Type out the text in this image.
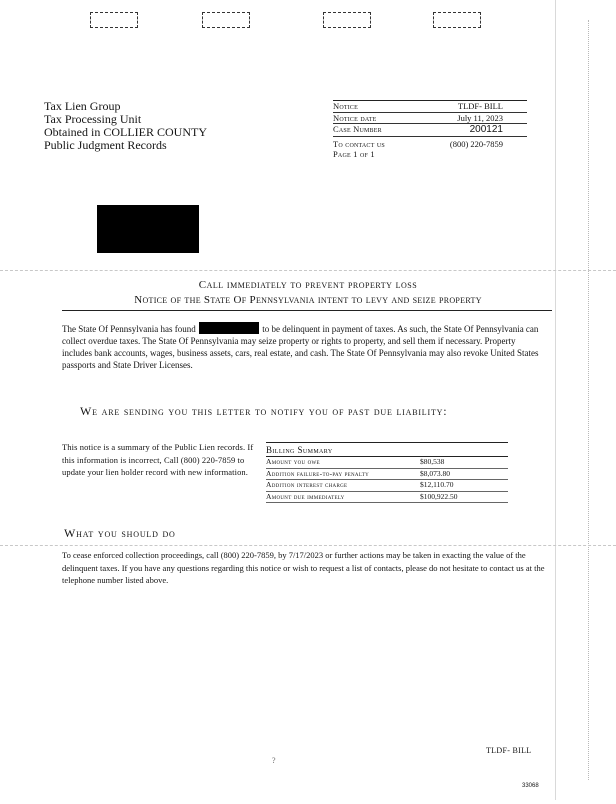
Tax Lien Group
Tax Processing Unit
Obtained in COLLIER COUNTY
Public Judgment Records
Notice	TLDF- BILL
Notice date	July 11, 2023
Case Number	200121
To contact us	(800) 220-7859
Page 1 of 1
Call immediately to prevent property loss
Notice of the State Of Pennsylvania intent to levy and seize property
The State Of Pennsylvania has found	to be delinquent in payment of taxes. As such, the State Of Pennsylvania can collect overdue taxes. The State Of Pennsylvania may seize property or rights to property, and sell them if necessary. Property includes bank accounts, wages, business assets, cars, real estate, and cash. The State Of Pennsylvania may also revoke United States passports and State Driver Licenses.
We are sending you this letter to notify you of past due liability:
This notice is a summary of the Public Lien records. If this information is incorrect, Call (800) 220-7859 to update your lien holder record with new information.
Billing Summary
Amount you owe	$80,538
Addition failure-to-pay penalty	$8,073.80
Addition interest charge	$12,110.70
Amount due immediately	$100,922.50
What you should do
To cease enforced collection proceedings, call (800) 220-7859, by 7/17/2023 or further actions may be taken in exacting the value of the delinquent taxes. If you have any questions regarding this notice or wish to request a list of contacts, please do not hesitate to contact us at the telephone number listed above.
?
TLDF- BILL
33068
